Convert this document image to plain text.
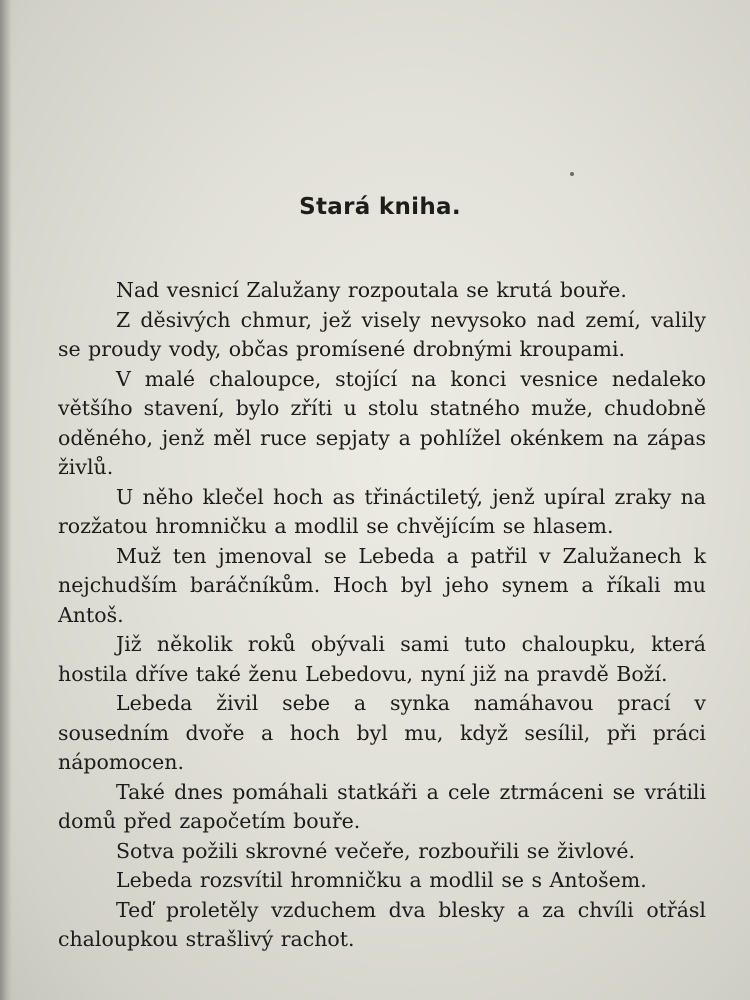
Stará kniha.

Nad vesnicí Zalužany rozpoutala se krutá bouře.

Z děsivých chmur, jež visely nevysoko nad zemí, valily se proudy vody, občas promísené drobnými kroupami.

V malé chaloupce, stojící na konci vesnice nedaleko většího stavení, bylo zříti u stolu statného muže, chudobně oděného, jenž měl ruce sepjaty a pohlížel okénkem na zápas živlů.

U něho klečel hoch as třináctiletý, jenž upíral zraky na rozžatou hromničku a modlil se chvějícím se hlasem.

Muž ten jmenoval se Lebeda a patřil v Zalužanech k nejchudším baráčníkům. Hoch byl jeho synem a říkali mu Antoš.

Již několik roků obývali sami tuto chaloupku, která hostila dříve také ženu Lebedovu, nyní již na pravdě Boží.

Lebeda živil sebe a synka namáhavou prací v sousedním dvoře a hoch byl mu, když sesílil, při práci nápomocen.

Také dnes pomáhali statkáři a cele ztrmáceni se vrátili domů před započetím bouře.

Sotva požili skrovné večeře, rozbouřili se živlové.

Lebeda rozsvítil hromničku a modlil se s Antošem.

Teď proletěly vzduchem dva blesky a za chvíli otřásl chaloupkou strašlivý rachot.
